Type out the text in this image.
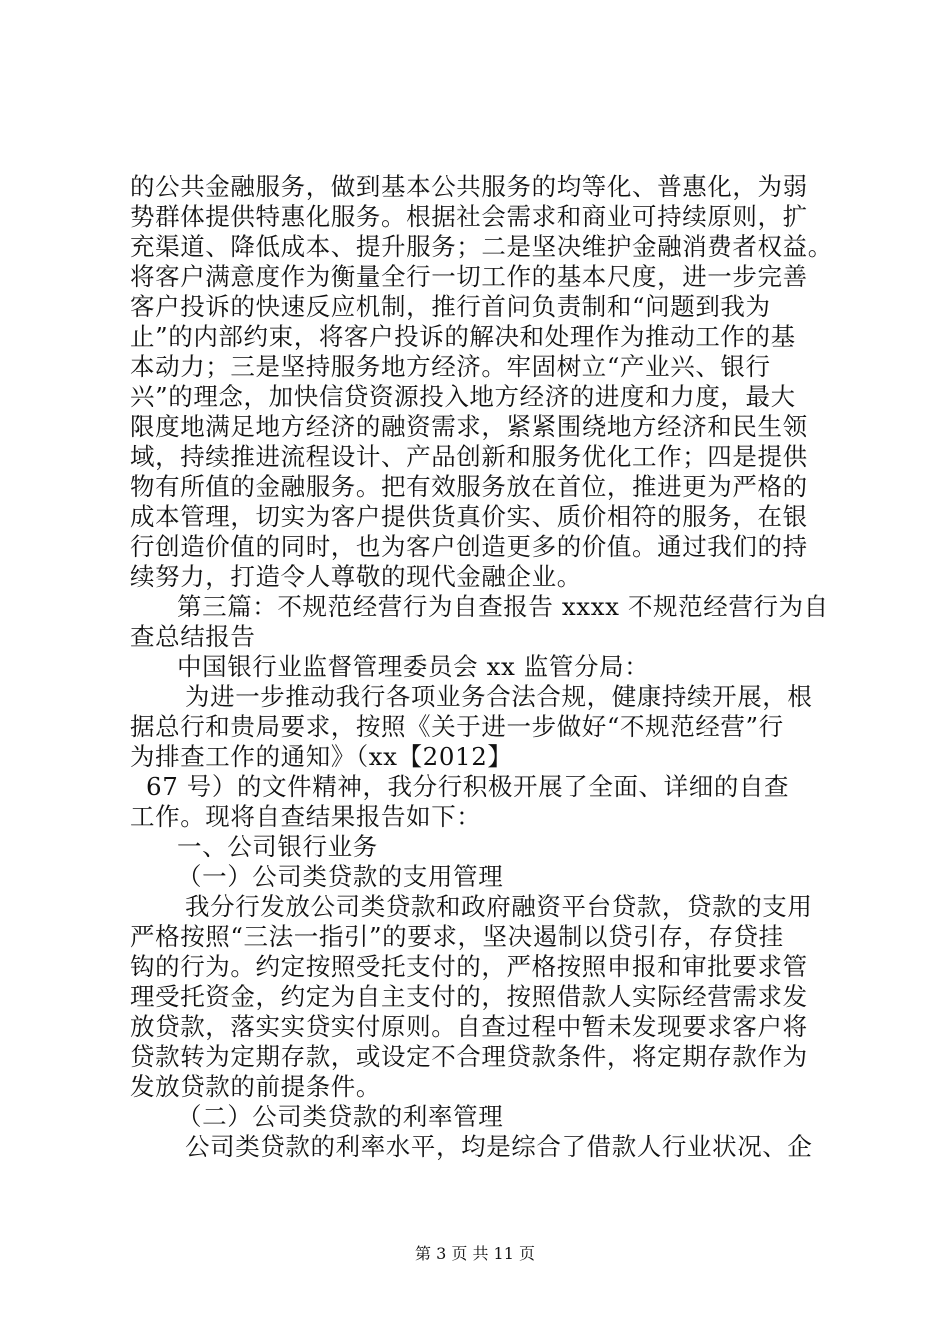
的公共金融服务，做到基本公共服务的均等化、普惠化，为弱
势群体提供特惠化服务。根据社会需求和商业可持续原则，扩
充渠道、降低成本、提升服务；二是坚决维护金融消费者权益。
将客户满意度作为衡量全行一切工作的基本尺度，进一步完善
客户投诉的快速反应机制，推行首问负责制和“问题到我为
止”的内部约束，将客户投诉的解决和处理作为推动工作的基
本动力；三是坚持服务地方经济。牢固树立“产业兴、银行
兴”的理念，加快信贷资源投入地方经济的进度和力度，最大
限度地满足地方经济的融资需求，紧紧围绕地方经济和民生领
域，持续推进流程设计、产品创新和服务优化工作；四是提供
物有所值的金融服务。把有效服务放在首位，推进更为严格的
成本管理，切实为客户提供货真价实、质价相符的服务，在银
行创造价值的同时，也为客户创造更多的价值。通过我们的持
续努力，打造令人尊敬的现代金融企业。
第三篇：不规范经营行为自查报告 xxxx 不规范经营行为自
查总结报告
中国银行业监督管理委员会 xx 监管分局：
为进一步推动我行各项业务合法合规，健康持续开展，根
据总行和贵局要求，按照《关于进一步做好“不规范经营”行
为排查工作的通知》（xx【2012】
67 号）的文件精神，我分行积极开展了全面、详细的自查
工作。现将自查结果报告如下：
一、公司银行业务
（一）公司类贷款的支用管理
我分行发放公司类贷款和政府融资平台贷款，贷款的支用
严格按照“三法一指引”的要求，坚决遏制以贷引存，存贷挂
钩的行为。约定按照受托支付的，严格按照申报和审批要求管
理受托资金，约定为自主支付的，按照借款人实际经营需求发
放贷款，落实实贷实付原则。自查过程中暂未发现要求客户将
贷款转为定期存款，或设定不合理贷款条件，将定期存款作为
发放贷款的前提条件。
（二）公司类贷款的利率管理
公司类贷款的利率水平，均是综合了借款人行业状况、企
第 3 页 共 11 页
